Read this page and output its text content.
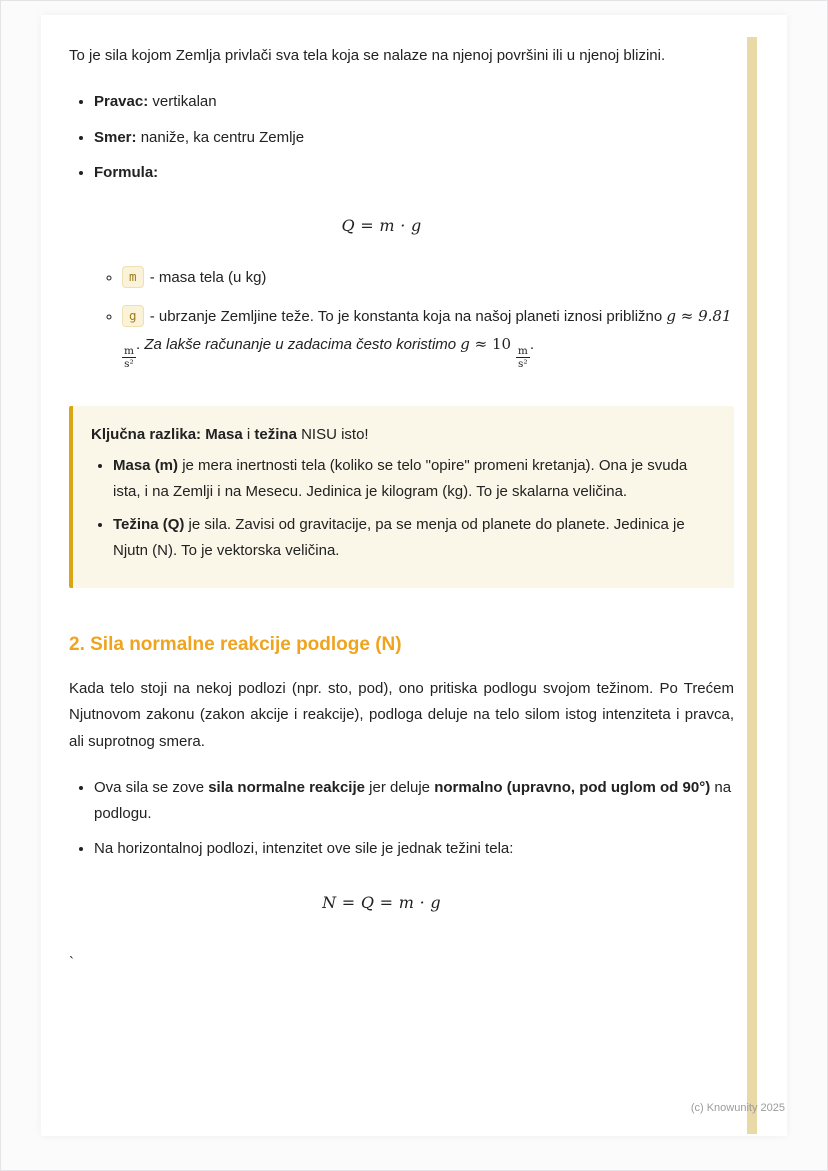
To je sila kojom Zemlja privlači sva tela koja se nalaze na njenoj površini ili u njenoj blizini.

• Pravac: vertikalan
• Smer: naniže, ka centru Zemlje
• Formula:
Q = m · g
◦ m - masa tela (u kg)
◦ g - ubrzanje Zemljine teže. To je konstanta koja na našoj planeti iznosi približno g ≈ 9.81
$\frac{m}{\text{s²}}$
. Za lakše računanje u zadacima često koristimo g ≈ 10
$\frac{m}{\text{s²}}$
.

Ključna razlika: Masa i težina NISU isto!

• Masa (m) je mera inertnosti tela (koliko se telo "opire" promeni kretanja). Ona je svuda ista, i na Zemlji i na Mesecu. Jedinica je kilogram (kg). To je skalarna veličina.
• Težina (Q) je sila. Zavisi od gravitacije, pa se menja od planete do planete. Jedinica je Njutn (N). To je vektorska veličina.
2. Sila normalne reakcije podloge (N)

Kada telo stoji na nekoj podlozi (npr. sto, pod), ono pritiska podlogu svojom težinom. Po Trećem Njutnovom zakonu (zakon akcije i reakcije), podloga deluje na telo silom istog intenziteta i pravca, ali suprotnog smera.

• Ova sila se zove sila normalne reakcije jer deluje normalno (upravno, pod uglom od 90°) na podlogu.
• Na horizontalnoj podlozi, intenzitet ove sile je jednak težini tela:
N = Q = m · g

`

(c) Knowunity 2025
